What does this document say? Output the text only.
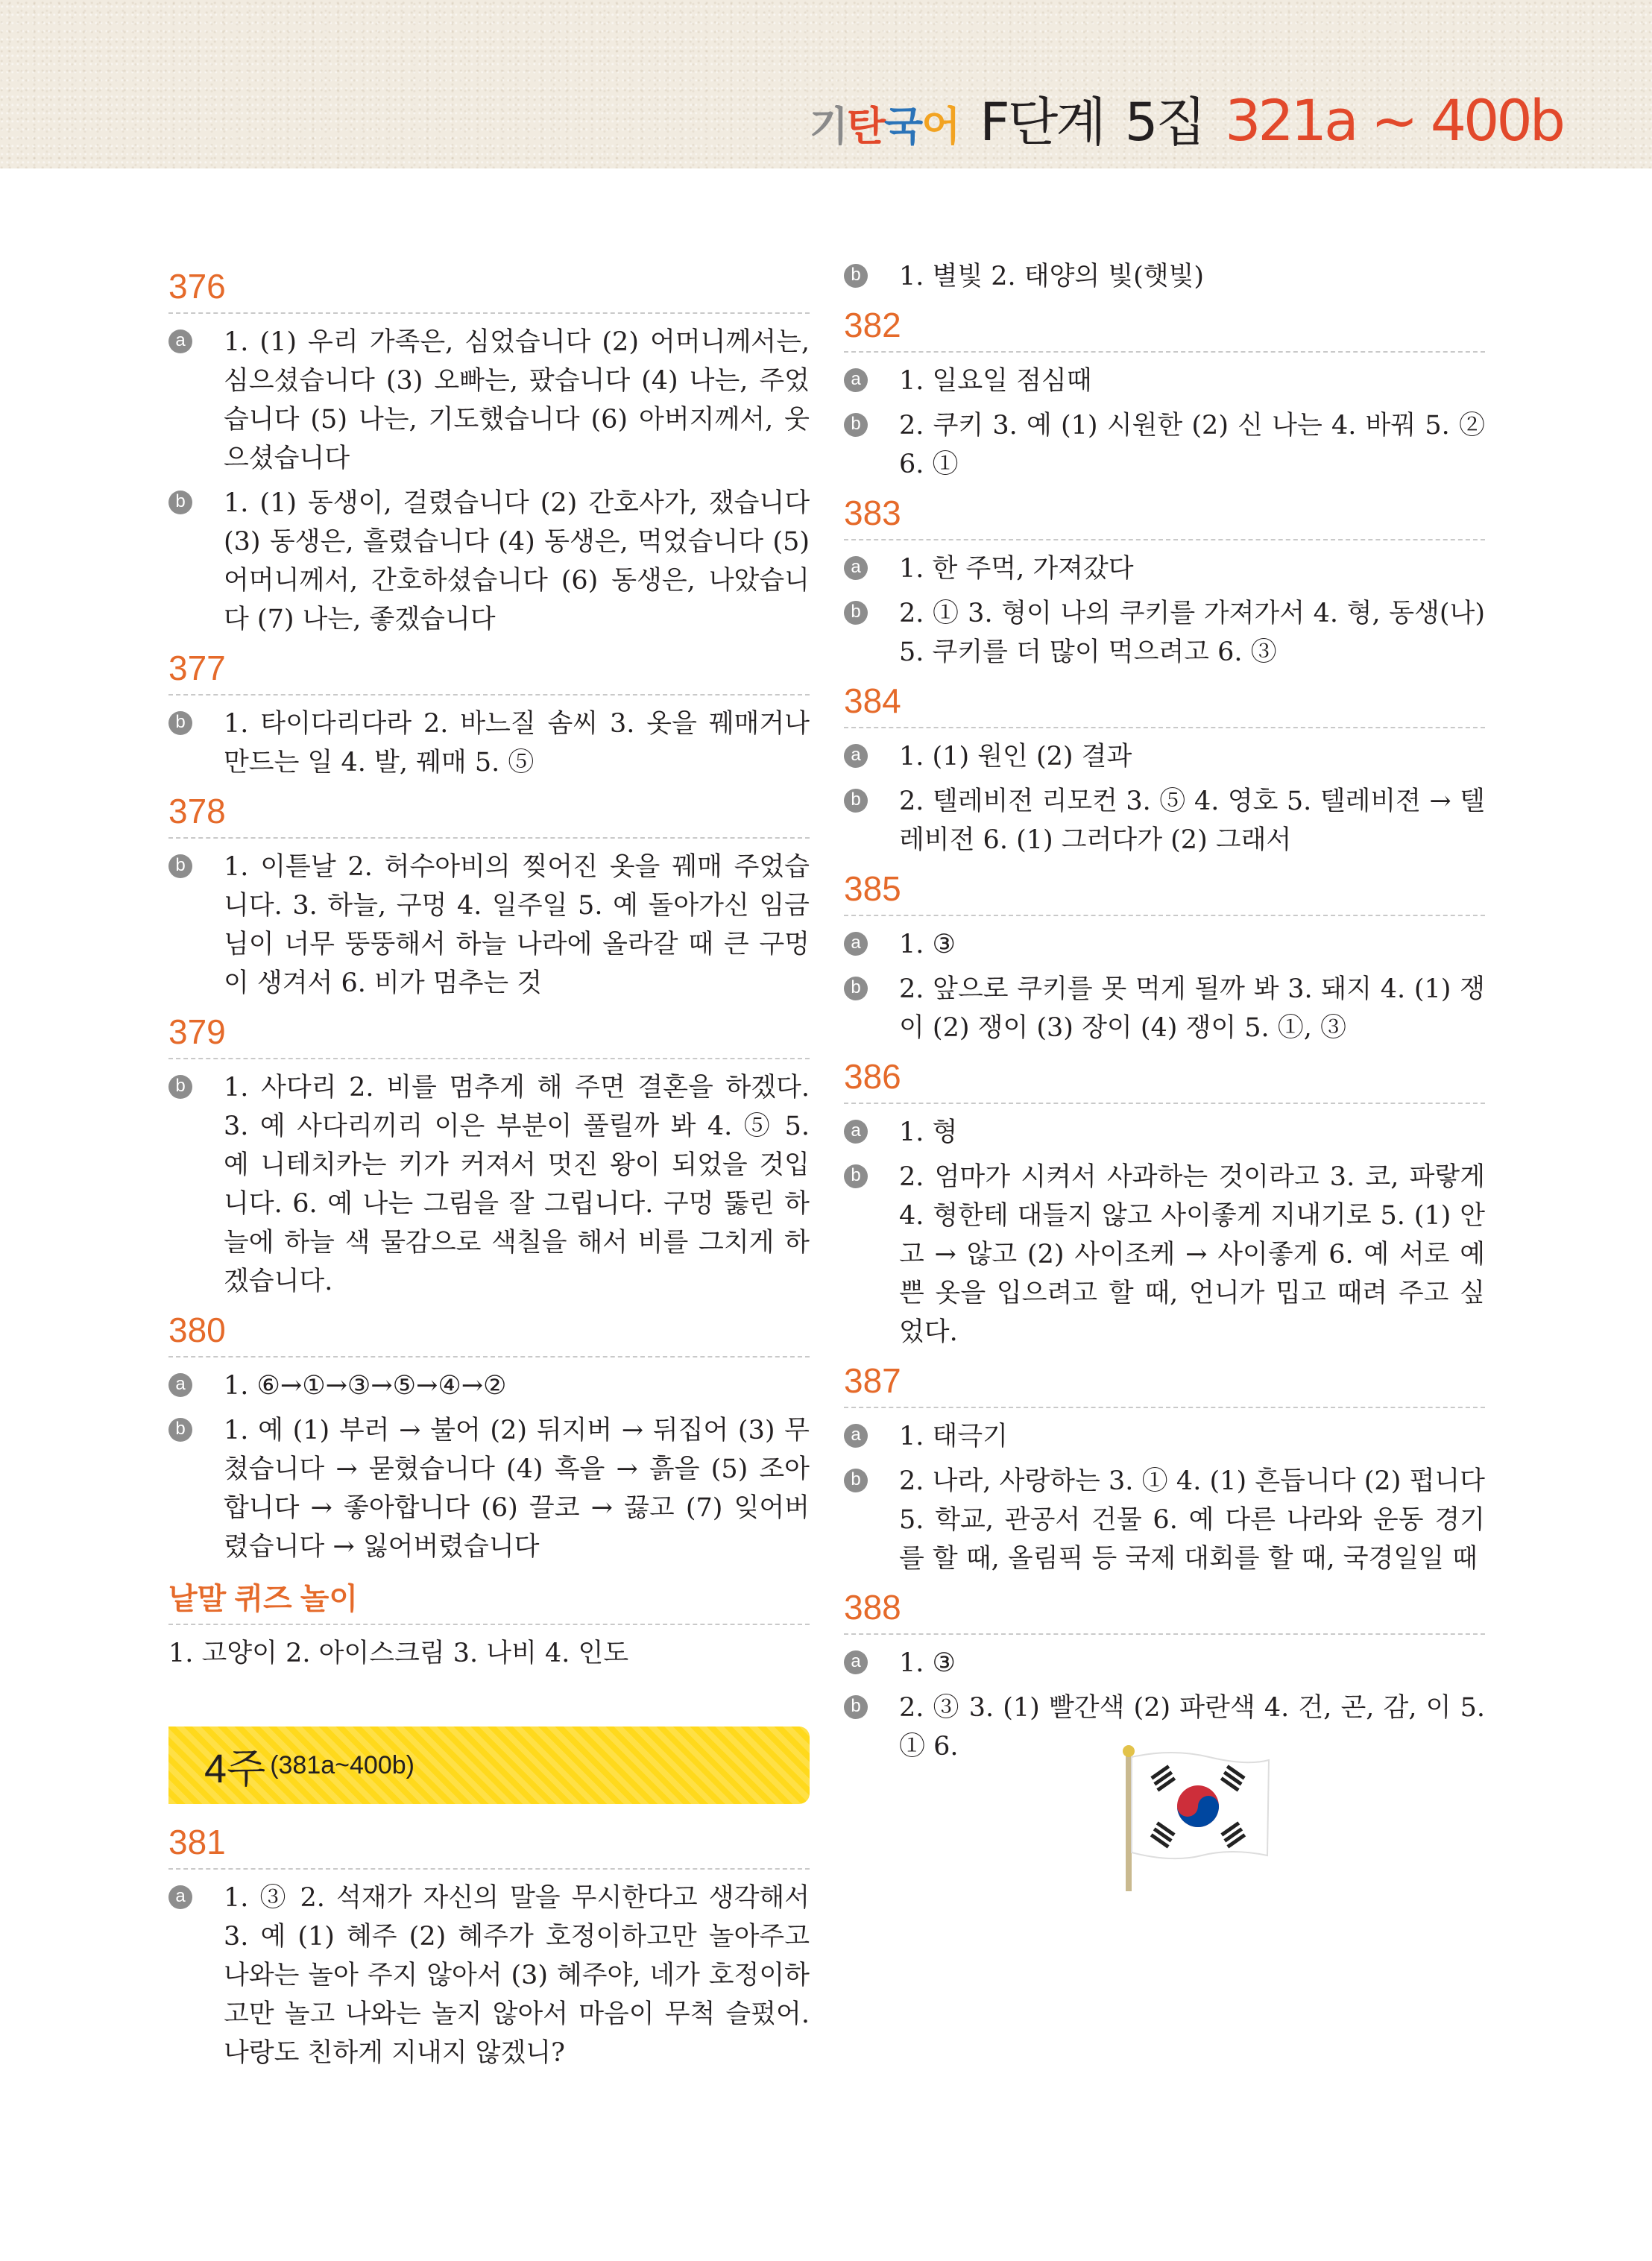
기탄국어 F단계 5집 321a ~ 400b
376
a 1. (1) 우리 가족은, 심었습니다 (2) 어머니께서는, 심으셨습니다 (3) 오빠는, 팠습니다 (4) 나는, 주었습니다 (5) 나는, 기도했습니다 (6) 아버지께서, 웃으셨습니다
b 1. (1) 동생이, 걸렸습니다 (2) 간호사가, 쟀습니다 (3) 동생은, 흘렸습니다 (4) 동생은, 먹었습니다 (5) 어머니께서, 간호하셨습니다 (6) 동생은, 나았습니다 (7) 나는, 좋겠습니다
377
b 1. 타이다리다라 2. 바느질 솜씨 3. 옷을 꿰매거나 만드는 일 4. 발, 꿰매 5. ⑤
378
b 1. 이튿날 2. 허수아비의 찢어진 옷을 꿰매 주었습니다. 3. 하늘, 구멍 4. 일주일 5. 예 돌아가신 임금님이 너무 뚱뚱해서 하늘 나라에 올라갈 때 큰 구멍이 생겨서 6. 비가 멈추는 것
379
b 1. 사다리 2. 비를 멈추게 해 주면 결혼을 하겠다. 3. 예 사다리끼리 이은 부분이 풀릴까 봐 4. ⑤ 5. 예 니테치카는 키가 커져서 멋진 왕이 되었을 것입니다. 6. 예 나는 그림을 잘 그립니다. 구멍 뚫린 하늘에 하늘 색 물감으로 색칠을 해서 비를 그치게 하겠습니다.
380
a 1. ⑥→①→③→⑤→④→②
b 1. 예 (1) 부러 → 불어 (2) 뒤지버 → 뒤집어 (3) 무쳤습니다 → 묻혔습니다 (4) 흑을 → 흙을 (5) 조아합니다 → 좋아합니다 (6) 끌코 → 끓고 (7) 잊어버렸습니다 → 잃어버렸습니다
낱말 퀴즈 놀이
1. 고양이 2. 아이스크림 3. 나비 4. 인도
4주 (381a~400b)
381
a 1. ③ 2. 석재가 자신의 말을 무시한다고 생각해서 3. 예 (1) 혜주 (2) 혜주가 호정이하고만 놀아주고 나와는 놀아 주지 않아서 (3) 혜주야, 네가 호정이하고만 놀고 나와는 놀지 않아서 마음이 무척 슬펐어. 나랑도 친하게 지내지 않겠니?
b 1. 별빛 2. 태양의 빛(햇빛)
382
a 1. 일요일 점심때
b 2. 쿠키 3. 예 (1) 시원한 (2) 신 나는 4. 바꿔 5. ② 6. ①
383
a 1. 한 주먹, 가져갔다
b 2. ① 3. 형이 나의 쿠키를 가져가서 4. 형, 동생(나) 5. 쿠키를 더 많이 먹으려고 6. ③
384
a 1. (1) 원인 (2) 결과
b 2. 텔레비전 리모컨 3. ⑤ 4. 영호 5. 텔레비젼 → 텔레비전 6. (1) 그러다가 (2) 그래서
385
a 1. ③
b 2. 앞으로 쿠키를 못 먹게 될까 봐 3. 돼지 4. (1) 쟁이 (2) 쟁이 (3) 장이 (4) 쟁이 5. ①, ③
386
a 1. 형
b 2. 엄마가 시켜서 사과하는 것이라고 3. 코, 파랗게 4. 형한테 대들지 않고 사이좋게 지내기로 5. (1) 안고 → 않고 (2) 사이조케 → 사이좋게 6. 예 서로 예쁜 옷을 입으려고 할 때, 언니가 밉고 때려 주고 싶었다.
387
a 1. 태극기
b 2. 나라, 사랑하는 3. ① 4. (1) 흔듭니다 (2) 펍니다 5. 학교, 관공서 건물 6. 예 다른 나라와 운동 경기를 할 때, 올림픽 등 국제 대회를 할 때, 국경일일 때
388
a 1. ③
b 2. ③ 3. (1) 빨간색 (2) 파란색 4. 건, 곤, 감, 이 5. ① 6.
